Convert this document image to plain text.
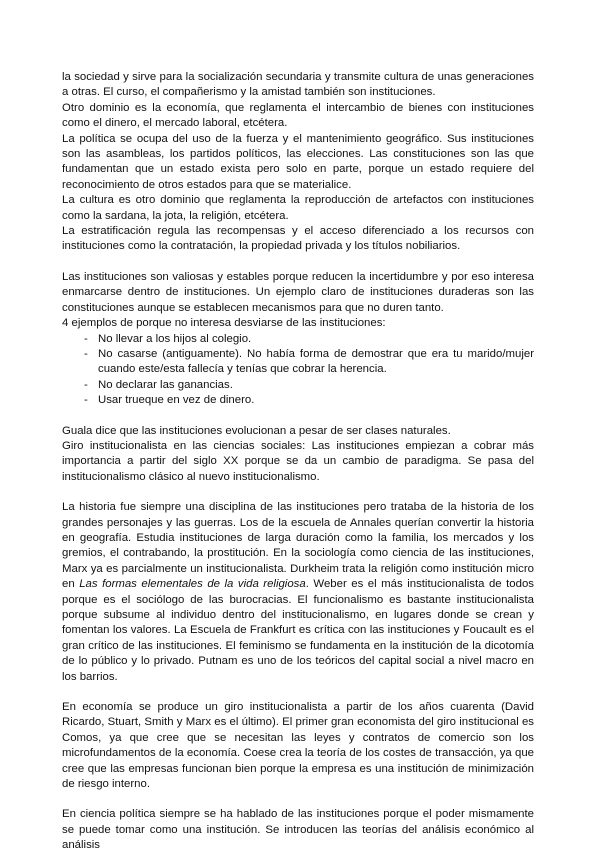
la sociedad y sirve para la socialización secundaria y transmite cultura de unas generaciones a otras. El curso, el compañerismo y la amistad también son instituciones.

Otro dominio es la economía, que reglamenta el intercambio de bienes con instituciones como el dinero, el mercado laboral, etcétera.

La política se ocupa del uso de la fuerza y el mantenimiento geográfico. Sus instituciones son las asambleas, los partidos políticos, las elecciones. Las constituciones son las que fundamentan que un estado exista pero solo en parte, porque un estado requiere del reconocimiento de otros estados para que se materialice.

La cultura es otro dominio que reglamenta la reproducción de artefactos con instituciones como la sardana, la jota, la religión, etcétera.

La estratificación regula las recompensas y el acceso diferenciado a los recursos con instituciones como la contratación, la propiedad privada y los títulos nobiliarios.

Las instituciones son valiosas y estables porque reducen la incertidumbre y por eso interesa enmarcarse dentro de instituciones. Un ejemplo claro de instituciones duraderas son las constituciones aunque se establecen mecanismos para que no duren tanto.

4 ejemplos de porque no interesa desviarse de las instituciones:

- No llevar a los hijos al colegio.
- No casarse (antiguamente). No había forma de demostrar que era tu marido/mujer cuando este/esta fallecía y tenías que cobrar la herencia.
- No declarar las ganancias.
- Usar trueque en vez de dinero.

Guala dice que las instituciones evolucionan a pesar de ser clases naturales.

Giro institucionalista en las ciencias sociales: Las instituciones empiezan a cobrar más importancia a partir del siglo XX porque se da un cambio de paradigma. Se pasa del institucionalismo clásico al nuevo institucionalismo.

La historia fue siempre una disciplina de las instituciones pero trataba de la historia de los grandes personajes y las guerras. Los de la escuela de Annales querían convertir la historia en geografía. Estudia instituciones de larga duración como la familia, los mercados y los gremios, el contrabando, la prostitución. En la sociología como ciencia de las instituciones, Marx ya es parcialmente un institucionalista. Durkheim trata la religión como institución micro en Las formas elementales de la vida religiosa. Weber es el más institucionalista de todos porque es el sociólogo de las burocracias. El funcionalismo es bastante institucionalista porque subsume al individuo dentro del institucionalismo, en lugares donde se crean y fomentan los valores. La Escuela de Frankfurt es crítica con las instituciones y Foucault es el gran crítico de las instituciones. El feminismo se fundamenta en la institución de la dicotomía de lo público y lo privado. Putnam es uno de los teóricos del capital social a nivel macro en los barrios.

En economía se produce un giro institucionalista a partir de los años cuarenta (David Ricardo, Stuart, Smith y Marx es el último). El primer gran economista del giro institucional es Comos, ya que cree que se necesitan las leyes y contratos de comercio son los microfundamentos de la economía. Coese crea la teoría de los costes de transacción, ya que cree que las empresas funcionan bien porque la empresa es una institución de minimización de riesgo interno.

En ciencia política siempre se ha hablado de las instituciones porque el poder mismamente se puede tomar como una institución. Se introducen las teorías del análisis económico al análisis
